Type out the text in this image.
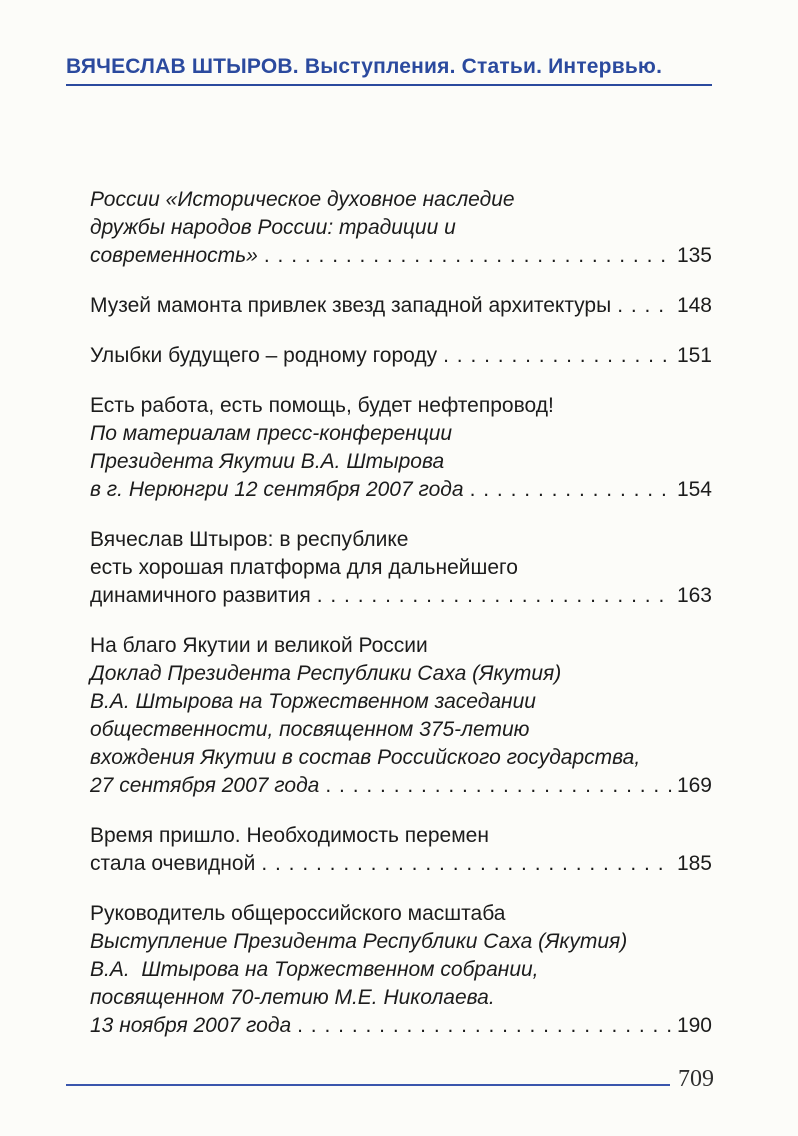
ВЯЧЕСЛАВ ШТЫРОВ. Выступления. Статьи. Интервью.
России «Историческое духовное наследие
дружбы народов России: традиции и
современность» . . .	135
Музей мамонта привлек звезд западной архитектуры . . .	148
Улыбки будущего – родному городу . . .	151
Есть работа, есть помощь, будет нефтепровод!
По материалам пресс-конференции
Президента Якутии В.А. Штырова
в г. Нерюнгри 12 сентября 2007 года . . .	154
Вячеслав Штыров: в республике
есть хорошая платформа для дальнейшего
динамичного развития . . .	163
На благо Якутии и великой России
Доклад Президента Республики Саха (Якутия)
В.А. Штырова на Торжественном заседании
общественности, посвященном 375-летию
вхождения Якутии в состав Российского государства,
27 сентября 2007 года . . .	169
Время пришло. Необходимость перемен
стала очевидной . . .	185
Руководитель общероссийского масштаба
Выступление Президента Республики Саха (Якутия)
В.А.  Штырова на Торжественном собрании,
посвященном 70-летию М.Е. Николаева.
13 ноября 2007 года . . .	190
709
